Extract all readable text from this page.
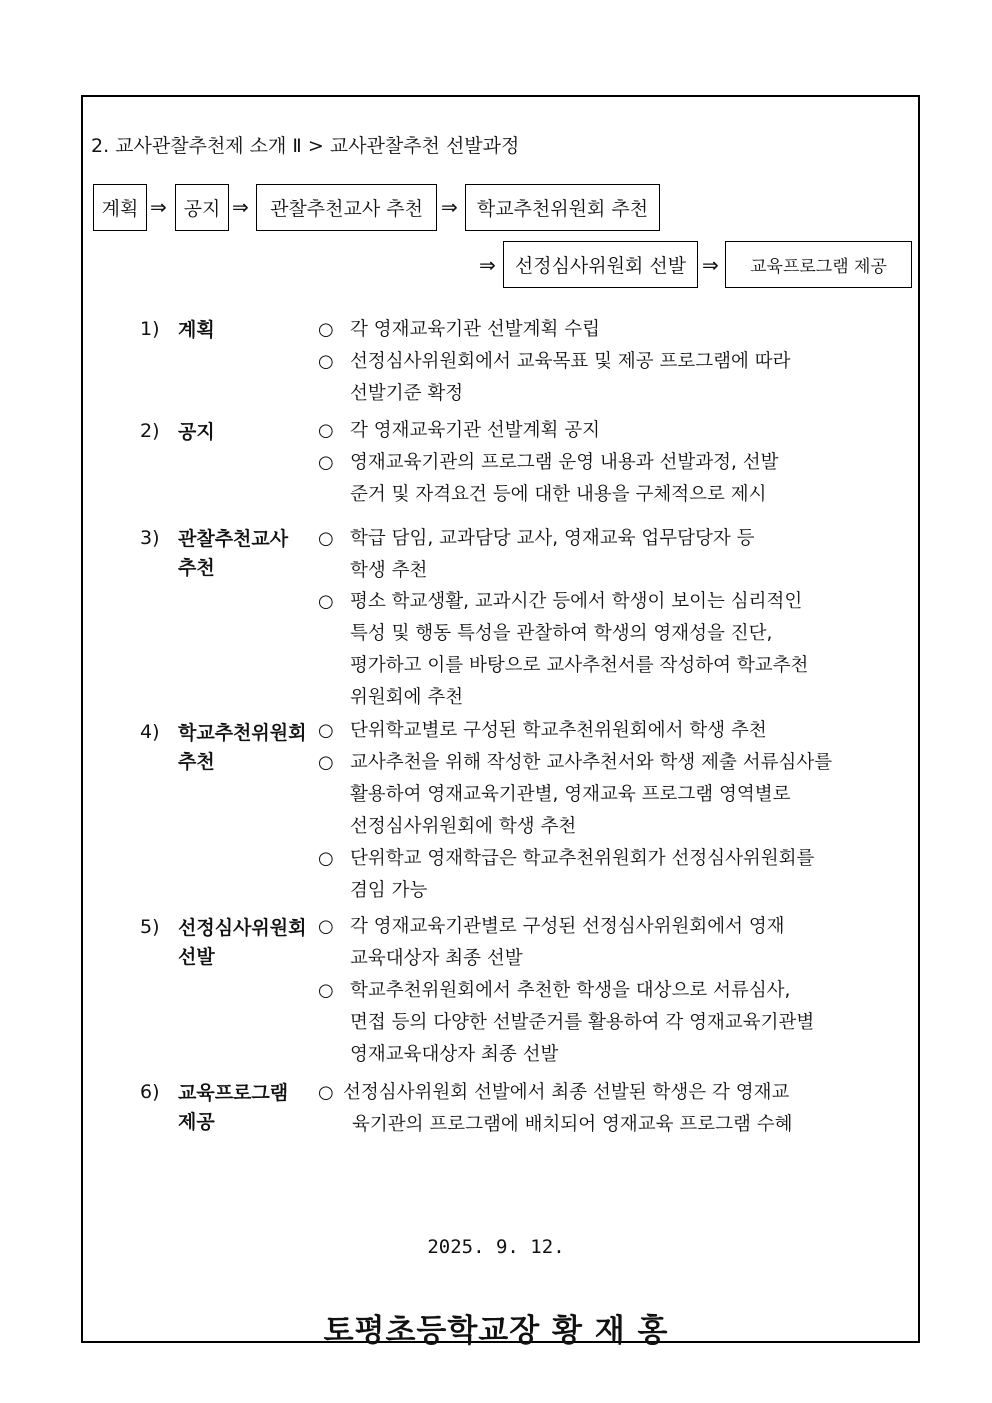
2. 교사관찰추천제 소개 Ⅱ > 교사관찰추천 선발과정
계획 ⇒ 공지 ⇒	관찰추천교사 추천 ⇒	학교추천위원회 추천
⇒	선정심사위원회 선발 ⇒	교육프로그램 제공
1) 계획	○ 각 영재교육기관 선발계획 수립
○ 선정심사위원회에서 교육목표 및 제공 프로그램에 따라
선발기준 확정
2) 공지	○ 각 영재교육기관 선발계획 공지
○ 영재교육기관의 프로그램 운영 내용과 선발과정, 선발
준거 및 자격요건 등에 대한 내용을 구체적으로 제시
3) 관찰추천교사
추천
○ 학급 담임, 교과담당 교사, 영재교육 업무담당자 등
학생 추천
○ 평소 학교생활, 교과시간 등에서 학생이 보이는 심리적인
특성 및 행동 특성을 관찰하여 학생의 영재성을 진단,
평가하고 이를 바탕으로 교사추천서를 작성하여 학교추천
위원회에 추천
4) 학교추천위원회
추천
○ 단위학교별로 구성된 학교추천위원회에서 학생 추천
○ 교사추천을 위해 작성한 교사추천서와 학생 제출 서류심사를
활용하여 영재교육기관별, 영재교육 프로그램 영역별로
선정심사위원회에 학생 추천
○ 단위학교 영재학급은 학교추천위원회가 선정심사위원회를
겸임 가능
5) 선정심사위원회
선발
○ 각 영재교육기관별로 구성된 선정심사위원회에서 영재
교육대상자 최종 선발
○ 학교추천위원회에서 추천한 학생을 대상으로 서류심사,
면접 등의 다양한 선발준거를 활용하여 각 영재교육기관별
영재교육대상자 최종 선발
6) 교육프로그램
제공
○ 선정심사위원회 선발에서 최종 선발된 학생은 각 영재교
육기관의 프로그램에 배치되어 영재교육 프로그램 수혜
2025. 9. 12.
토평초등학교장 황 재 홍
